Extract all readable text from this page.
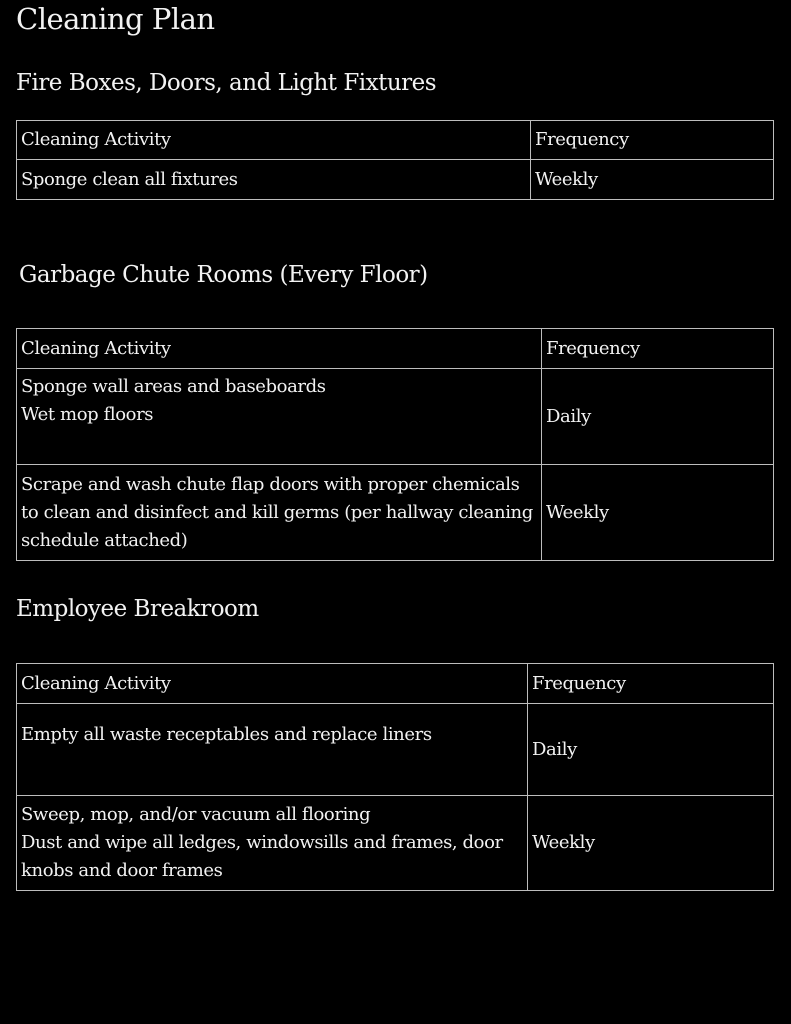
Cleaning Plan
Fire Boxes, Doors, and Light Fixtures
Cleaning Activity	Frequency
Sponge clean all fixtures	Weekly
Garbage Chute Rooms (Every Floor)
Cleaning Activity	Frequency
Sponge wall areas and baseboards
Wet mop floors	Daily
Scrape and wash chute flap doors with proper chemicals to clean and disinfect and kill germs (per hallway cleaning schedule attached)	Weekly
Employee Breakroom
Cleaning Activity	Frequency
Empty all waste receptables and replace liners	Daily
Sweep, mop, and/or vacuum all flooring
Dust and wipe all ledges, windowsills and frames, door knobs and door frames	Weekly
